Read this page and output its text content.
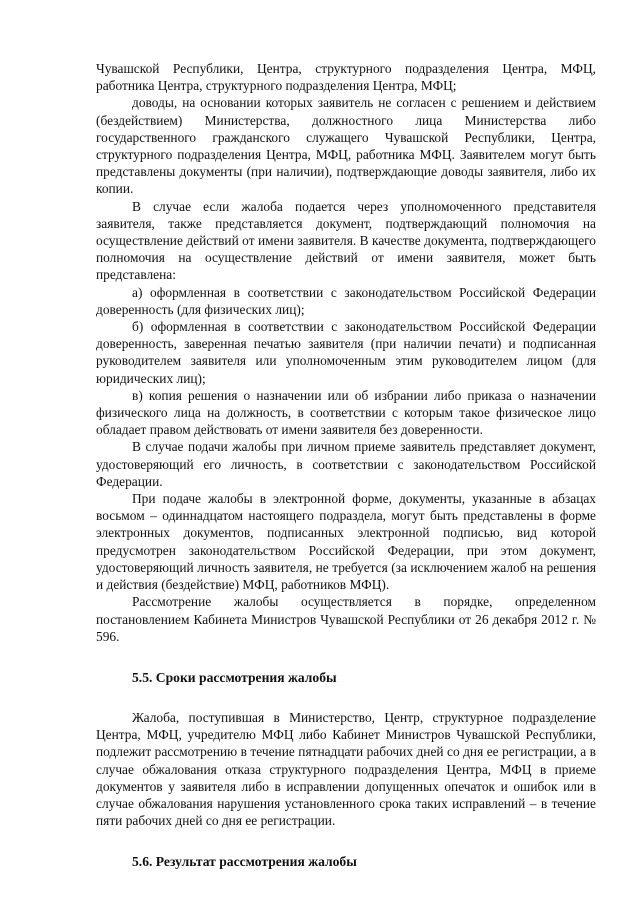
Чувашской Республики, Центра, структурного подразделения Центра, МФЦ, работника Центра, структурного подразделения Центра, МФЦ;

доводы, на основании которых заявитель не согласен с решением и действием (бездействием) Министерства, должностного лица Министерства либо государственного гражданского служащего Чувашской Республики, Центра, структурного подразделения Центра, МФЦ, работника МФЦ. Заявителем могут быть представлены документы (при наличии), подтверждающие доводы заявителя, либо их копии.

В случае если жалоба подается через уполномоченного представителя заявителя, также представляется документ, подтверждающий полномочия на осуществление действий от имени заявителя. В качестве документа, подтверждающего полномочия на осуществление действий от имени заявителя, может быть представлена:

а) оформленная в соответствии с законодательством Российской Федерации доверенность (для физических лиц);

б) оформленная в соответствии с законодательством Российской Федерации доверенность, заверенная печатью заявителя (при наличии печати) и подписанная руководителем заявителя или уполномоченным этим руководителем лицом (для юридических лиц);

в) копия решения о назначении или об избрании либо приказа о назначении физического лица на должность, в соответствии с которым такое физическое лицо обладает правом действовать от имени заявителя без доверенности.

В случае подачи жалобы при личном приеме заявитель представляет документ, удостоверяющий его личность, в соответствии с законодательством Российской Федерации.

При подаче жалобы в электронной форме, документы, указанные в абзацах восьмом – одиннадцатом настоящего подраздела, могут быть представлены в форме электронных документов, подписанных электронной подписью, вид которой предусмотрен законодательством Российской Федерации, при этом документ, удостоверяющий личность заявителя, не требуется (за исключением жалоб на решения и действия (бездействие) МФЦ, работников МФЦ).

Рассмотрение жалобы осуществляется в порядке, определенном постановлением Кабинета Министров Чувашской Республики от 26 декабря 2012 г. № 596.

5.5. Сроки рассмотрения жалобы

Жалоба, поступившая в Министерство, Центр, структурное подразделение Центра, МФЦ, учредителю МФЦ либо Кабинет Министров Чувашской Республики, подлежит рассмотрению в течение пятнадцати рабочих дней со дня ее регистрации, а в случае обжалования отказа структурного подразделения Центра, МФЦ в приеме документов у заявителя либо в исправлении допущенных опечаток и ошибок или в случае обжалования нарушения установленного срока таких исправлений – в течение пяти рабочих дней со дня ее регистрации.

5.6. Результат рассмотрения жалобы
